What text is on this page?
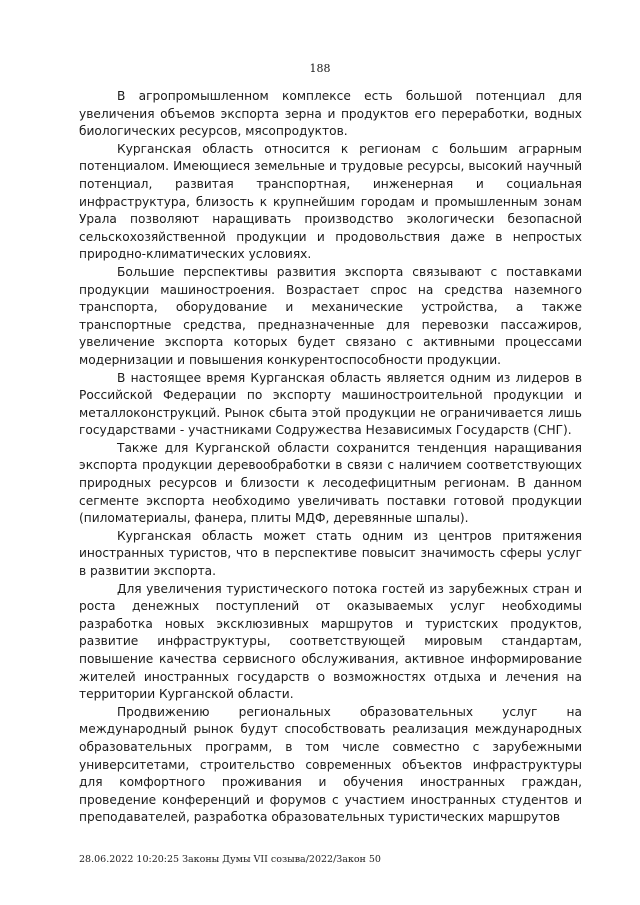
188

В агропромышленном комплексе есть большой потенциал для увеличения объемов экспорта зерна и продуктов его переработки, водных биологических ресурсов, мясопродуктов.

Курганская область относится к регионам с большим аграрным потенциалом. Имеющиеся земельные и трудовые ресурсы, высокий научный потенциал, развитая транспортная, инженерная и социальная инфраструктура, близость к крупнейшим городам и промышленным зонам Урала позволяют наращивать производство экологически безопасной сельскохозяйственной продукции и продовольствия даже в непростых природно-климатических условиях.

Большие перспективы развития экспорта связывают с поставками продукции машиностроения. Возрастает спрос на средства наземного транспорта, оборудование и механические устройства, а также транспортные средства, предназначенные для перевозки пассажиров, увеличение экспорта которых будет связано с активными процессами модернизации и повышения конкурентоспособности продукции.

В настоящее время Курганская область является одним из лидеров в Российской Федерации по экспорту машиностроительной продукции и металлоконструкций. Рынок сбыта этой продукции не ограничивается лишь государствами - участниками Содружества Независимых Государств (СНГ).

Также для Курганской области сохранится тенденция наращивания экспорта продукции деревообработки в связи с наличием соответствующих природных ресурсов и близости к лесодефицитным регионам. В данном сегменте экспорта необходимо увеличивать поставки готовой продукции (пиломатериалы, фанера, плиты МДФ, деревянные шпалы).

Курганская область может стать одним из центров притяжения иностранных туристов, что в перспективе повысит значимость сферы услуг в развитии экспорта.

Для увеличения туристического потока гостей из зарубежных стран и роста денежных поступлений от оказываемых услуг необходимы разработка новых эксклюзивных маршрутов и туристских продуктов, развитие инфраструктуры, соответствующей мировым стандартам, повышение качества сервисного обслуживания, активное информирование жителей иностранных государств о возможностях отдыха и лечения на территории Курганской области.

Продвижению региональных образовательных услуг на международный рынок будут способствовать реализация международных образовательных программ, в том числе совместно с зарубежными университетами, строительство современных объектов инфраструктуры для комфортного проживания и обучения иностранных граждан, проведение конференций и форумов с участием иностранных студентов и преподавателей, разработка образовательных туристических маршрутов

28.06.2022 10:20:25 Законы Думы VII созыва/2022/Закон 50
